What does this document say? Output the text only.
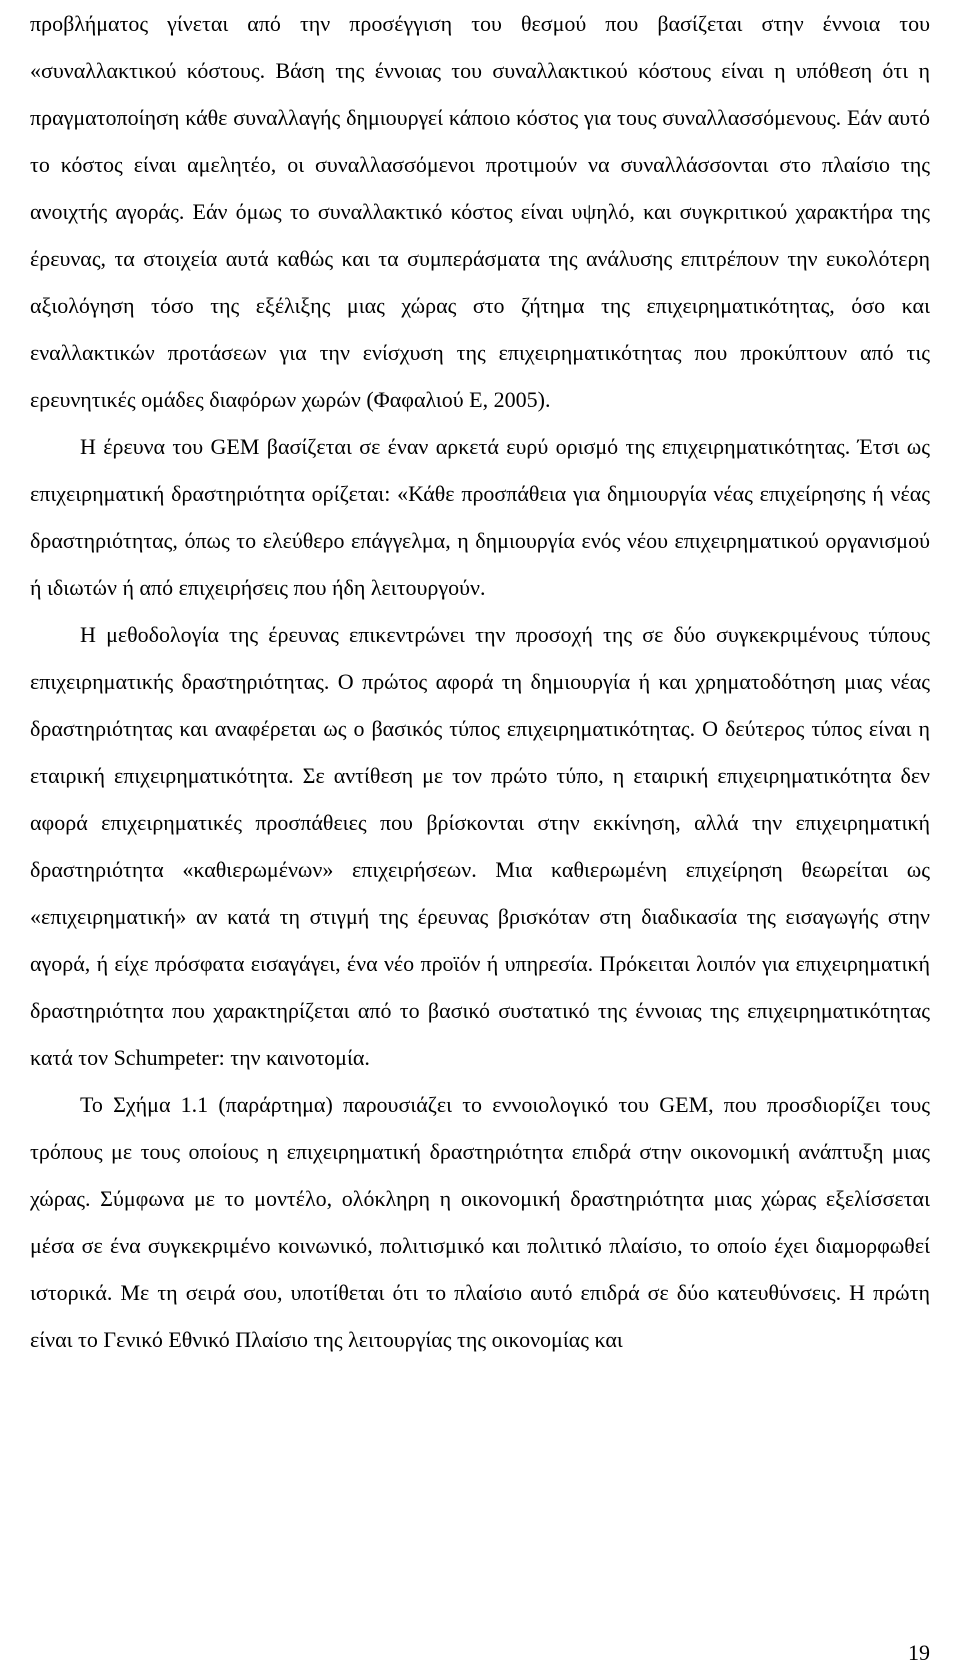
προβλήματος γίνεται από την προσέγγιση του θεσμού που βασίζεται στην έννοια του «συναλλακτικού κόστους. Βάση της έννοιας του συναλλακτικού κόστους είναι η υπόθεση ότι η πραγματοποίηση κάθε συναλλαγής δημιουργεί κάποιο κόστος για τους συναλλασσόμενους. Εάν αυτό το κόστος είναι αμελητέο, οι συναλλασσόμενοι προτιμούν να συναλλάσσονται στο πλαίσιο της ανοιχτής αγοράς. Εάν όμως το συναλλακτικό κόστος είναι υψηλό, και συγκριτικού χαρακτήρα της έρευνας, τα στοιχεία αυτά καθώς και τα συμπεράσματα της ανάλυσης επιτρέπουν την ευκολότερη αξιολόγηση τόσο της εξέλιξης μιας χώρας στο ζήτημα της επιχειρηματικότητας, όσο και εναλλακτικών προτάσεων για την ενίσχυση της επιχειρηματικότητας που προκύπτουν από τις ερευνητικές ομάδες διαφόρων χωρών (Φαφαλιού Ε, 2005).

Η έρευνα του GEM βασίζεται σε έναν αρκετά ευρύ ορισμό της επιχειρηματικότητας. Έτσι ως επιχειρηματική δραστηριότητα ορίζεται: «Κάθε προσπάθεια για δημιουργία νέας επιχείρησης ή νέας δραστηριότητας, όπως το ελεύθερο επάγγελμα, η δημιουργία ενός νέου επιχειρηματικού οργανισμού ή ιδιωτών ή από επιχειρήσεις που ήδη λειτουργούν.

Η μεθοδολογία της έρευνας επικεντρώνει την προσοχή της σε δύο συγκεκριμένους τύπους επιχειρηματικής δραστηριότητας. Ο πρώτος αφορά τη δημιουργία ή και χρηματοδότηση μιας νέας δραστηριότητας και αναφέρεται ως ο βασικός τύπος επιχειρηματικότητας. Ο δεύτερος τύπος είναι η εταιρική επιχειρηματικότητα. Σε αντίθεση με τον πρώτο τύπο, η εταιρική επιχειρηματικότητα δεν αφορά επιχειρηματικές προσπάθειες που βρίσκονται στην εκκίνηση, αλλά την επιχειρηματική δραστηριότητα «καθιερωμένων» επιχειρήσεων. Μια καθιερωμένη επιχείρηση θεωρείται ως «επιχειρηματική» αν κατά τη στιγμή της έρευνας βρισκόταν στη διαδικασία της εισαγωγής στην αγορά, ή είχε πρόσφατα εισαγάγει, ένα νέο προϊόν ή υπηρεσία. Πρόκειται λοιπόν για επιχειρηματική δραστηριότητα που χαρακτηρίζεται από το βασικό συστατικό της έννοιας της επιχειρηματικότητας κατά τον Schumpeter: την καινοτομία.

Το Σχήμα 1.1 (παράρτημα) παρουσιάζει το εννοιολογικό του GEM, που προσδιορίζει τους τρόπους με τους οποίους η επιχειρηματική δραστηριότητα επιδρά στην οικονομική ανάπτυξη μιας χώρας. Σύμφωνα με το μοντέλο, ολόκληρη η οικονομική δραστηριότητα μιας χώρας εξελίσσεται μέσα σε ένα συγκεκριμένο κοινωνικό, πολιτισμικό και πολιτικό πλαίσιο, το οποίο έχει διαμορφωθεί ιστορικά. Με τη σειρά σου, υποτίθεται ότι το πλαίσιο αυτό επιδρά σε δύο κατευθύνσεις. Η πρώτη είναι το Γενικό Εθνικό Πλαίσιο της λειτουργίας της οικονομίας και

19
